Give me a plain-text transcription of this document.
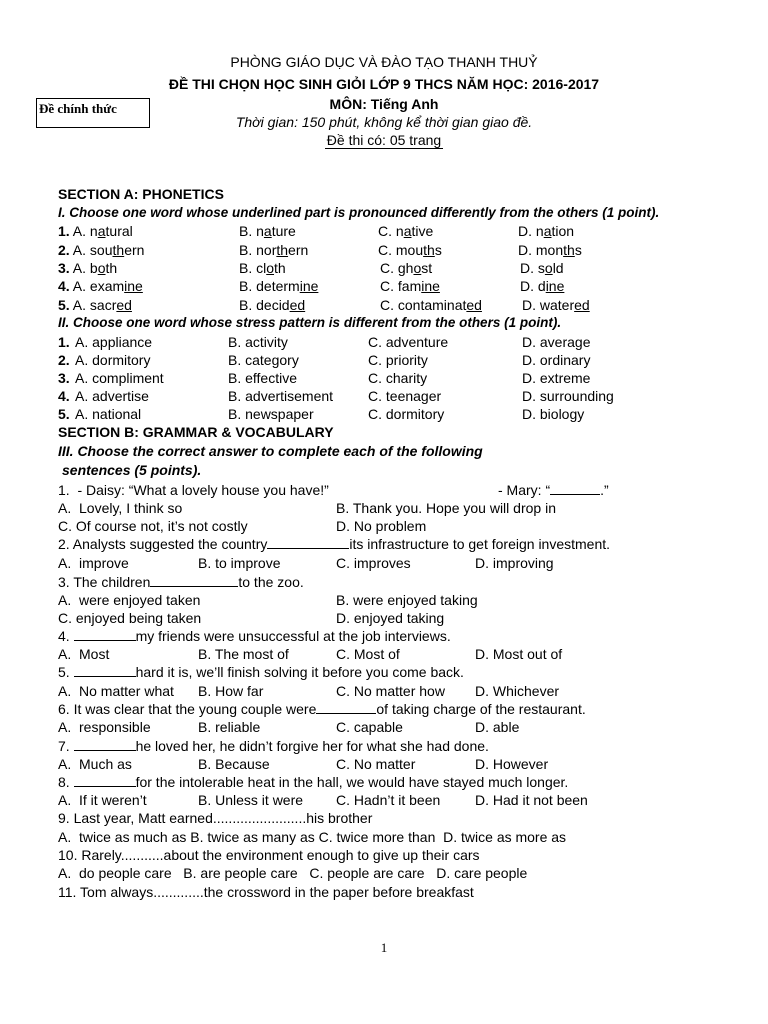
PHÒNG GIÁO DỤC VÀ ĐÀO TẠO THANH THUỶ
ĐỀ THI CHỌN HỌC SINH GIỎI LỚP 9 THCS NĂM HỌC: 2016-2017
MÔN: Tiếng Anh
Thời gian: 150 phút, không kể thời gian giao đề.
Đề thi có: 05 trang
Đề chính thức
SECTION A: PHONETICS
I. Choose one word whose underlined part is pronounced differently from the others (1 point).
1. A. natural	B. nature	C. native	D. nation
2. A. southern	B. northern	C. mouths	D. months
3. A. both	B. cloth	C. ghost	D. sold
4. A. examine	B. determine	C. famine	D. dine
5. A. sacred	B. decided	C. contaminated	D. watered
II. Choose one word whose stress pattern is different from the others (1 point).
1. A. appliance	B. activity	C. adventure	D. average
2. A. dormitory	B. category	C. priority	D. ordinary
3. A. compliment	B. effective	C. charity	D. extreme
4. A. advertise	B. advertisement C. teenager	D. surrounding
5. A. national	B. newspaper	C. dormitory	D. biology
SECTION B: GRAMMAR & VOCABULARY
III. Choose the correct answer to complete each of the following
sentences (5 points).
1.  - Daisy: “What a lovely house you have!”	- Mary: “	.”
A.  Lovely, I think so	B. Thank you. Hope you will drop in
C. Of course not, it’s not costly	D. No problem
2. Analysts suggested the country	its infrastructure to get foreign investment.
A.  improve	B. to improve	C. improves	D. improving
3. The children	to the zoo.
A.  were enjoyed taken	B. were enjoyed taking
C. enjoyed being taken	D. enjoyed taking
4.	my friends were unsuccessful at the job interviews.
A.  Most	B. The most of	C. Most of	D. Most out of
5.	hard it is, we’ll finish solving it before you come back.
A.  No matter what B. How far	C. No matter how D. Whichever
6. It was clear that the young couple were	of taking charge of the restaurant.
A.  responsible	B. reliable	C. capable	D. able
7.	he loved her, he didn’t forgive her for what she had done.
A.  Much as	B. Because	C. No matter	D. However
8.	for the intolerable heat in the hall, we would have stayed much longer.
A.  If it weren’t	B. Unless it were C. Hadn’t it been D. Had it not been
9. Last year, Matt earned........................his brother
A.  twice as much as B. twice as many as C. twice more than  D. twice as more as
10. Rarely...........about the environment enough to give up their cars
A.  do people care   B. are people care   C. people are care   D. care people
11. Tom always.............the crossword in the paper before breakfast
1
